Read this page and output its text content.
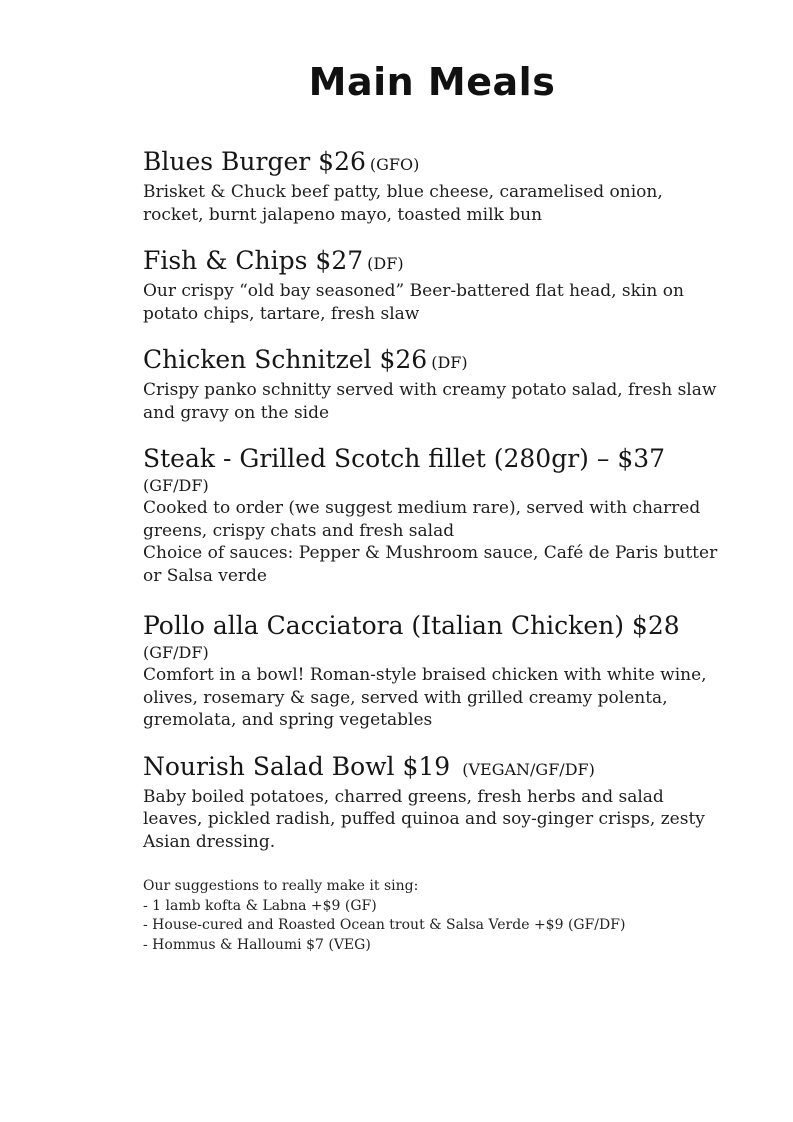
Main Meals
Blues Burger $26 (GFO)
Brisket & Chuck beef patty, blue cheese, caramelised onion,
rocket, burnt jalapeno mayo, toasted milk bun
Fish & Chips $27 (DF)
Our crispy “old bay seasoned” Beer-battered flat head, skin on
potato chips, tartare, fresh slaw
Chicken Schnitzel $26 (DF)
Crispy panko schnitty served with creamy potato salad, fresh slaw
and gravy on the side
Steak - Grilled Scotch fillet (280gr) – $37
(GF/DF)
Cooked to order (we suggest medium rare), served with charred
greens, crispy chats and fresh salad
Choice of sauces: Pepper & Mushroom sauce, Café de Paris butter
or Salsa verde
Pollo alla Cacciatora (Italian Chicken) $28
(GF/DF)
Comfort in a bowl! Roman-style braised chicken with white wine,
olives, rosemary & sage, served with grilled creamy polenta,
gremolata, and spring vegetables
Nourish Salad Bowl $19 (VEGAN/GF/DF)
Baby boiled potatoes, charred greens, fresh herbs and salad
leaves, pickled radish, puffed quinoa and soy-ginger crisps, zesty
Asian dressing.
Our suggestions to really make it sing:
- 1 lamb kofta & Labna +$9 (GF)
- House-cured and Roasted Ocean trout & Salsa Verde +$9 (GF/DF)
- Hommus & Halloumi $7 (VEG)
